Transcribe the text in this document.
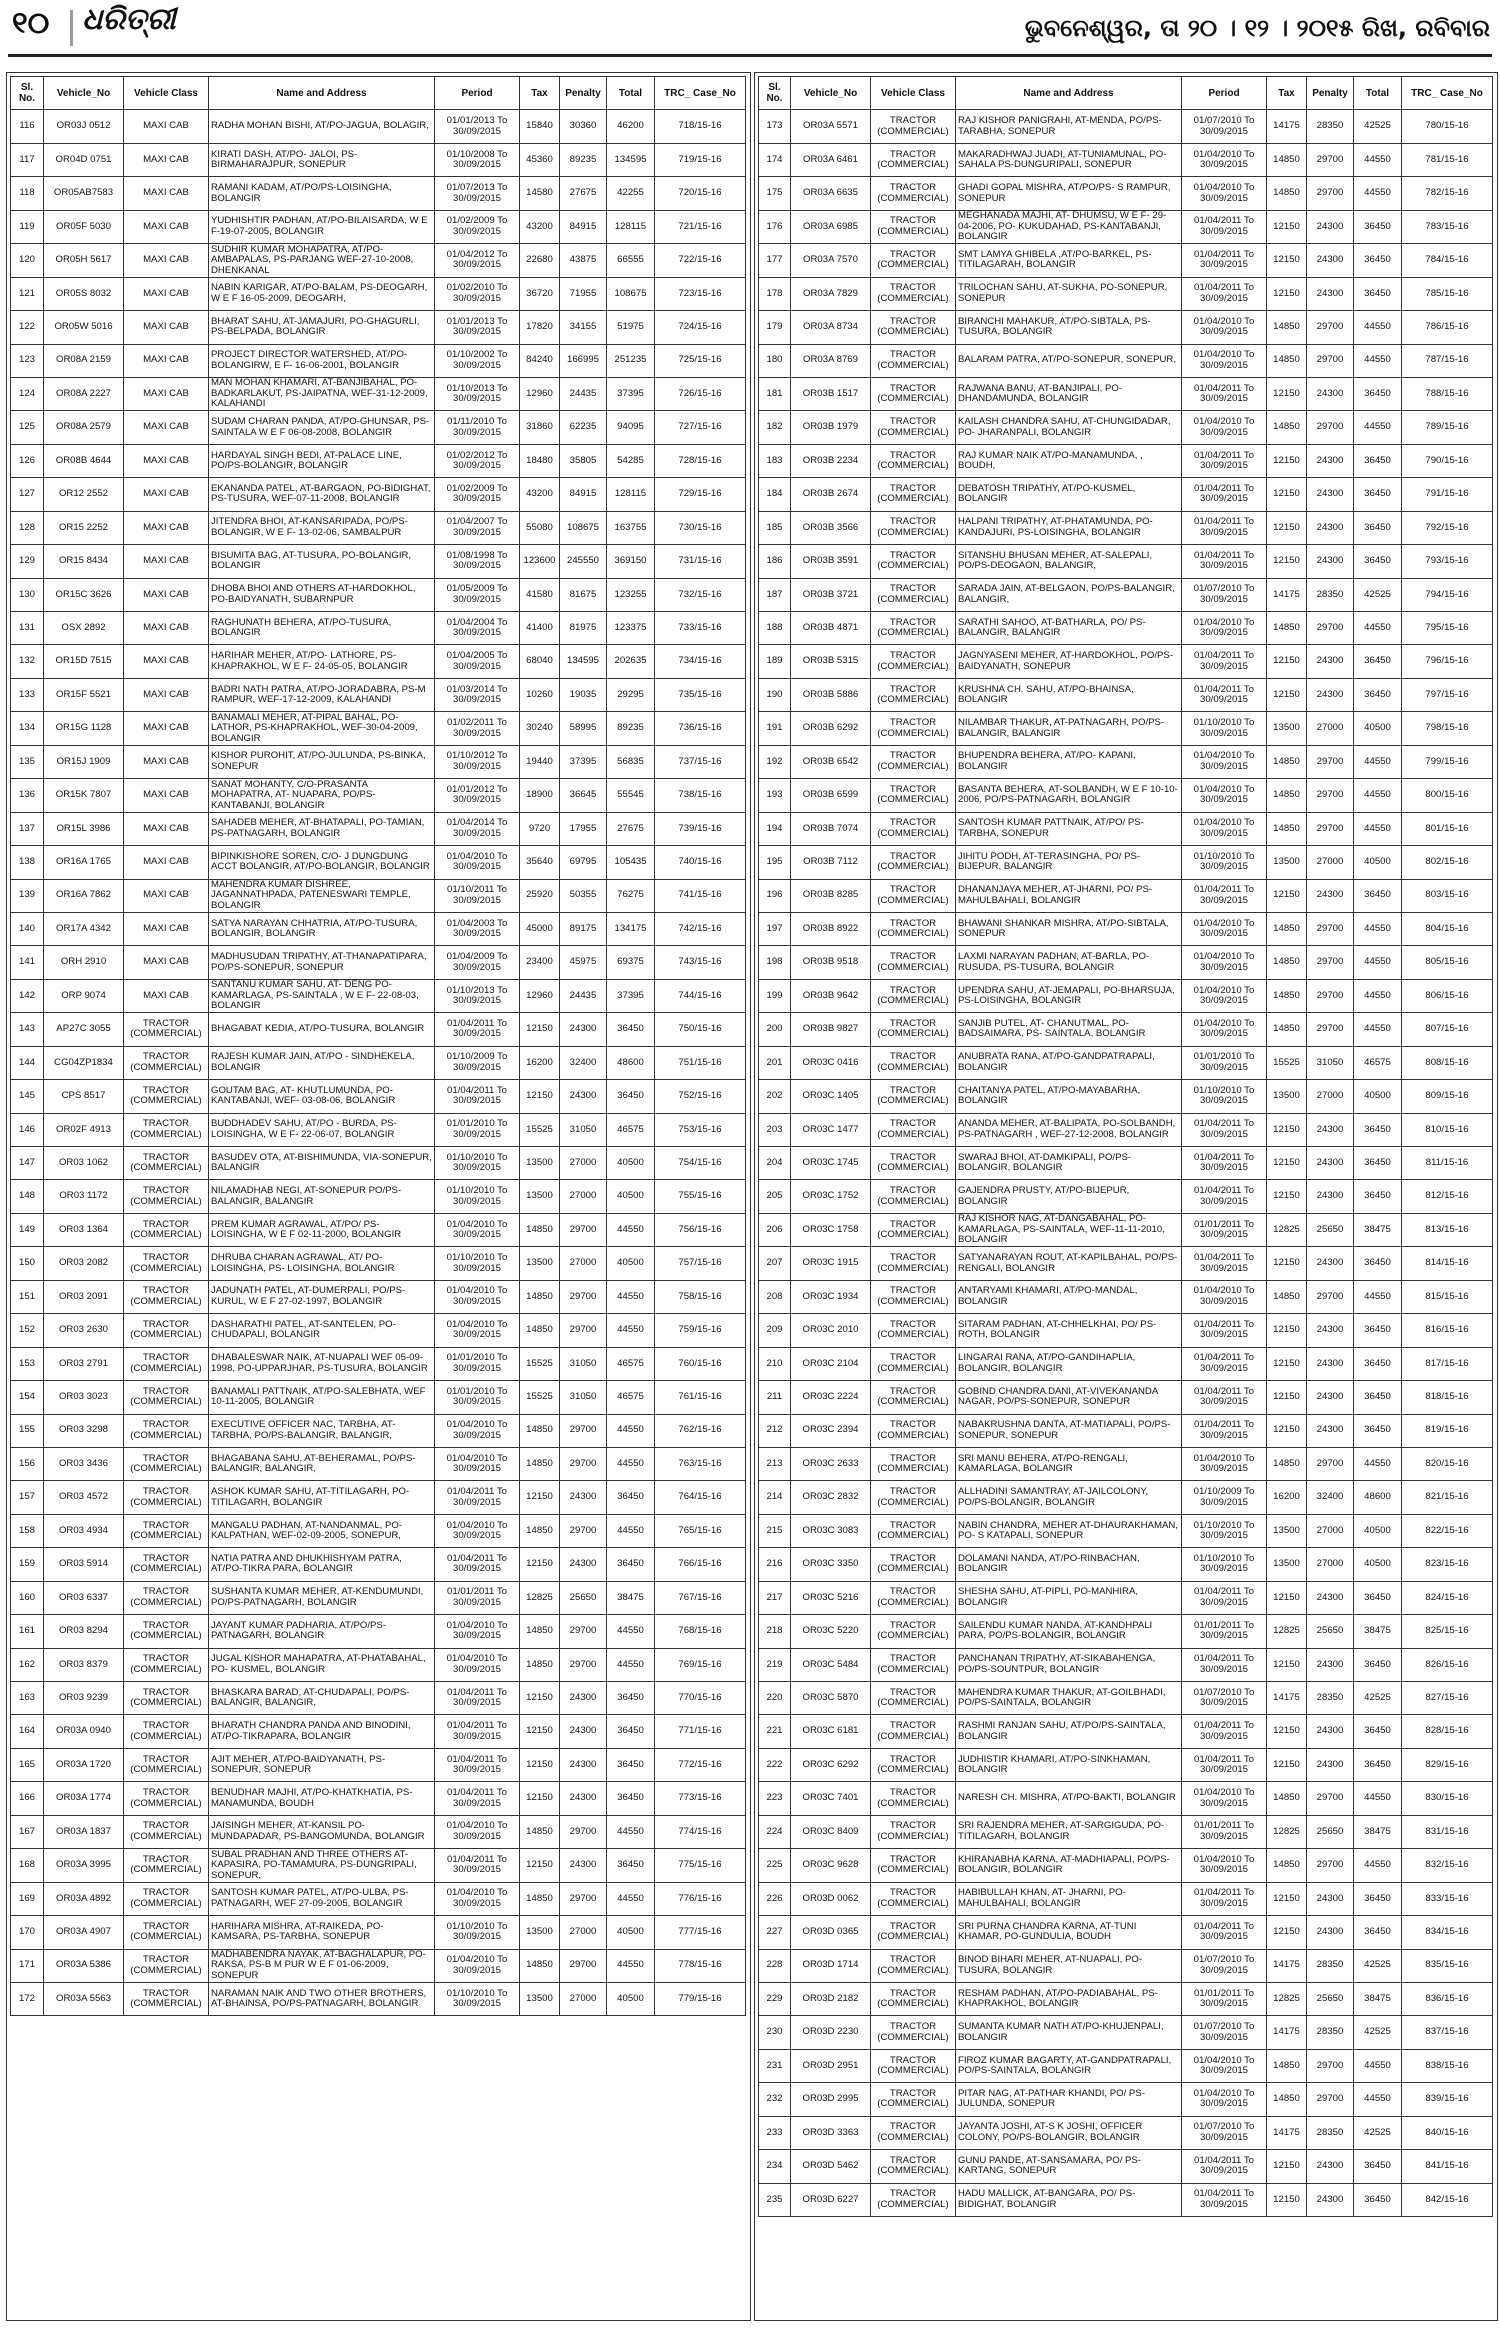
୧୦ ଧରିତ୍ରୀ	ଭୁବନେଶ୍ୱର, ତା ୨୦ । ୧୨ । ୨୦୧୫ ରିଖ, ରବିବାର
Sl. No.	Vehicle_No	Vehicle Class	Name and Address	Period	Tax	Penalty	Total	TRC_ Case_No
116	OR03J 0512	MAXI CAB	RADHA MOHAN BISHI, AT/PO-JAGUA, BOLAGIR,	01/01/2013 To 30/09/2015	15840	30360	46200	718/15-16
117	OR04D 0751	MAXI CAB	KIRATI DASH, AT/PO- JALOI, PS-BIRMAHARAJPUR, SONEPUR	01/10/2008 To 30/09/2015	45360	89235	134595	719/15-16
118	OR05AB7583	MAXI CAB	RAMANI KADAM, AT/PO/PS-LOISINGHA, BOLANGIR	01/07/2013 To 30/09/2015	14580	27675	42255	720/15-16
119	OR05F 5030	MAXI CAB	YUDHISHTIR PADHAN, AT/PO-BILAISARDA, W E F-19-07-2005, BOLANGIR	01/02/2009 To 30/09/2015	43200	84915	128115	721/15-16
120	OR05H 5617	MAXI CAB	SUDHIR KUMAR MOHAPATRA, AT/PO-AMBAPALAS, PS-PARJANG WEF-27-10-2008, DHENKANAL	01/04/2012 To 30/09/2015	22680	43875	66555	722/15-16
121	OR05S 8032	MAXI CAB	NABIN KARIGAR, AT/PO-BALAM, PS-DEOGARH, W E F 16-05-2009, DEOGARH,	01/02/2010 To 30/09/2015	36720	71955	108675	723/15-16
122	OR05W 5016	MAXI CAB	BHARAT SAHU, AT-JAMAJURI, PO-GHAGURLI, PS-BELPADA, BOLANGIR	01/01/2013 To 30/09/2015	17820	34155	51975	724/15-16
123	OR08A 2159	MAXI CAB	PROJECT DIRECTOR WATERSHED, AT/PO- BOLANGIRW, E F- 16-06-2001, BOLANGIR	01/10/2002 To 30/09/2015	84240	166995	251235	725/15-16
124	OR08A 2227	MAXI CAB	MAN MOHAN KHAMARI, AT-BANJIBAHAL, PO-BADKARLAKUT, PS-JAIPATNA, WEF-31-12-2009, KALAHANDI	01/10/2013 To 30/09/2015	12960	24435	37395	726/15-16
125	OR08A 2579	MAXI CAB	SUDAM CHARAN PANDA, AT/PO-GHUNSAR, PS-SAINTALA W E F 06-08-2008, BOLANGIR	01/11/2010 To 30/09/2015	31860	62235	94095	727/15-16
126	OR08B 4644	MAXI CAB	HARDAYAL SINGH BEDI, AT-PALACE LINE, PO/PS-BOLANGIR, BOLANGIR	01/02/2012 To 30/09/2015	18480	35805	54285	728/15-16
127	OR12 2552	MAXI CAB	EKANANDA PATEL, AT-BARGAON, PO-BIDIGHAT, PS-TUSURA, WEF-07-11-2008, BOLANGIR	01/02/2009 To 30/09/2015	43200	84915	128115	729/15-16
128	OR15 2252	MAXI CAB	JITENDRA BHOI, AT-KANSARIPADA, PO/PS- BOLANGIR, W E F- 13-02-06, SAMBALPUR	01/04/2007 To 30/09/2015	55080	108675	163755	730/15-16
129	OR15 8434	MAXI CAB	BISUMITA BAG, AT-TUSURA, PO-BOLANGIR, BOLANGIR	01/08/1998 To 30/09/2015	123600	245550	369150	731/15-16
130	OR15C 3626	MAXI CAB	DHOBA BHOI AND OTHERS AT-HARDOKHOL, PO-BAIDYANATH, SUBARNPUR	01/05/2009 To 30/09/2015	41580	81675	123255	732/15-16
131	OSX 2892	MAXI CAB	RAGHUNATH BEHERA, AT/PO-TUSURA, BOLANGIR	01/04/2004 To 30/09/2015	41400	81975	123375	733/15-16
132	OR15D 7515	MAXI CAB	HARIHAR MEHER, AT/PO- LATHORE, PS- KHAPRAKHOL, W E F- 24-05-05, BOLANGIR	01/04/2005 To 30/09/2015	68040	134595	202635	734/15-16
133	OR15F 5521	MAXI CAB	BADRI NATH PATRA, AT/PO-JORADABRA, PS-M RAMPUR, WEF-17-12-2009, KALAHANDI	01/03/2014 To 30/09/2015	10260	19035	29295	735/15-16
134	OR15G 1128	MAXI CAB	BANAMALI MEHER, AT-PIPAL BAHAL, PO-LATHOR, PS-KHAPRAKHOL, WEF-30-04-2009, BOLANGIR	01/02/2011 To 30/09/2015	30240	58995	89235	736/15-16
135	OR15J 1909	MAXI CAB	KISHOR PUROHIT, AT/PO-JULUNDA, PS-BINKA, SONEPUR	01/10/2012 To 30/09/2015	19440	37395	56835	737/15-16
136	OR15K 7807	MAXI CAB	SANAT MOHANTY, C/O-PRASANTA MOHAPATRA, AT- NUAPARA, PO/PS-KANTABANJI, BOLANGIR	01/01/2012 To 30/09/2015	18900	36645	55545	738/15-16
137	OR15L 3986	MAXI CAB	SAHADEB MEHER, AT-BHATAPALI, PO-TAMIAN, PS-PATNAGARH, BOLANGIR	01/04/2014 To 30/09/2015	9720	17955	27675	739/15-16
138	OR16A 1765	MAXI CAB	BIPINKISHORE SOREN, C/O- J DUNGDUNG ACCT BOLANGIR, AT/PO-BOLANGIR, BOLANGIR	01/04/2010 To 30/09/2015	35640	69795	105435	740/15-16
139	OR16A 7862	MAXI CAB	MAHENDRA KUMAR DISHREE, JAGANNATHPADA, PATENESWARI TEMPLE, BOLANGIR	01/10/2011 To 30/09/2015	25920	50355	76275	741/15-16
140	OR17A 4342	MAXI CAB	SATYA NARAYAN CHHATRIA, AT/PO-TUSURA, BOLANGIR, BOLANGIR	01/04/2003 To 30/09/2015	45000	89175	134175	742/15-16
141	ORH 2910	MAXI CAB	MADHUSUDAN TRIPATHY, AT-THANAPATIPARA, PO/PS-SONEPUR, SONEPUR	01/04/2009 To 30/09/2015	23400	45975	69375	743/15-16
142	ORP 9074	MAXI CAB	SANTANU KUMAR SAHU, AT- DENG PO- KAMARLAGA, PS-SAINTALA , W E F- 22-08-03, BOLANGIR	01/10/2013 To 30/09/2015	12960	24435	37395	744/15-16
143	AP27C 3055	TRACTOR (COMMERCIAL)	BHAGABAT KEDIA, AT/PO-TUSURA, BOLANGIR	01/04/2011 To 30/09/2015	12150	24300	36450	750/15-16
144	CG04ZP1834	TRACTOR (COMMERCIAL)	RAJESH KUMAR JAIN, AT/PO - SINDHEKELA, BOLANGIR	01/10/2009 To 30/09/2015	16200	32400	48600	751/15-16
145	CPS 8517	TRACTOR (COMMERCIAL)	GOUTAM BAG, AT- KHUTLUMUNDA, PO- KANTABANJI, WEF- 03-08-06, BOLANGIR	01/04/2011 To 30/09/2015	12150	24300	36450	752/15-16
146	OR02F 4913	TRACTOR (COMMERCIAL)	BUDDHADEV SAHU, AT/PO - BURDA, PS- LOISINGHA, W E F- 22-06-07, BOLANGIR	01/01/2010 To 30/09/2015	15525	31050	46575	753/15-16
147	OR03 1062	TRACTOR (COMMERCIAL)	BASUDEV OTA, AT-BISHIMUNDA, VIA-SONEPUR, BALANGIR	01/10/2010 To 30/09/2015	13500	27000	40500	754/15-16
148	OR03 1172	TRACTOR (COMMERCIAL)	NILAMADHAB NEGI, AT-SONEPUR PO/PS-BALANGIR, BALANGIR	01/10/2010 To 30/09/2015	13500	27000	40500	755/15-16
149	OR03 1364	TRACTOR (COMMERCIAL)	PREM KUMAR AGRAWAL, AT/PO/ PS-LOISINGHA, W E F 02-11-2000, BOLANGIR	01/04/2010 To 30/09/2015	14850	29700	44550	756/15-16
150	OR03 2082	TRACTOR (COMMERCIAL)	DHRUBA CHARAN AGRAWAL, AT/ PO-LOISINGHA, PS- LOISINGHA, BOLANGIR	01/10/2010 To 30/09/2015	13500	27000	40500	757/15-16
151	OR03 2091	TRACTOR (COMMERCIAL)	JADUNATH PATEL, AT-DUMERPALI, PO/PS-KURUL, W E F 27-02-1997, BOLANGIR	01/04/2010 To 30/09/2015	14850	29700	44550	758/15-16
152	OR03 2630	TRACTOR (COMMERCIAL)	DASHARATHI PATEL, AT-SANTELEN, PO-CHUDAPALI, BOLANGIR	01/04/2010 To 30/09/2015	14850	29700	44550	759/15-16
153	OR03 2791	TRACTOR (COMMERCIAL)	DHABALESWAR NAIK, AT-NUAPALI WEF 05-09-1998, PO-UPPARJHAR, PS-TUSURA, BOLANGIR	01/01/2010 To 30/09/2015	15525	31050	46575	760/15-16
154	OR03 3023	TRACTOR (COMMERCIAL)	BANAMALI PATTNAIK, AT/PO-SALEBHATA, WEF 10-11-2005, BOLANGIR	01/01/2010 To 30/09/2015	15525	31050	46575	761/15-16
155	OR03 3298	TRACTOR (COMMERCIAL)	EXECUTIVE OFFICER NAC, TARBHA, AT-TARBHA, PO/PS-BALANGIR, BALANGIR,	01/04/2010 To 30/09/2015	14850	29700	44550	762/15-16
156	OR03 3436	TRACTOR (COMMERCIAL)	BHAGABANA SAHU, AT-BEHERAMAL, PO/PS-BALANGIR, BALANGIR,	01/04/2010 To 30/09/2015	14850	29700	44550	763/15-16
157	OR03 4572	TRACTOR (COMMERCIAL)	ASHOK KUMAR SAHU, AT-TITILAGARH, PO-TITILAGARH, BOLANGIR	01/04/2011 To 30/09/2015	12150	24300	36450	764/15-16
158	OR03 4934	TRACTOR (COMMERCIAL)	MANGALU PADHAN, AT-NANDANMAL, PO-KALPATHAN, WEF-02-09-2005, SONEPUR,	01/04/2010 To 30/09/2015	14850	29700	44550	765/15-16
159	OR03 5914	TRACTOR (COMMERCIAL)	NATIA PATRA AND DHUKHISHYAM PATRA, AT/PO-TIKRA PARA, BOLANGIR	01/04/2011 To 30/09/2015	12150	24300	36450	766/15-16
160	OR03 6337	TRACTOR (COMMERCIAL)	SUSHANTA KUMAR MEHER, AT-KENDUMUNDI, PO/PS-PATNAGARH, BOLANGIR	01/01/2011 To 30/09/2015	12825	25650	38475	767/15-16
161	OR03 8294	TRACTOR (COMMERCIAL)	JAYANT KUMAR PADHARIA, AT/PO/PS-PATNAGARH, BOLANGIR	01/04/2010 To 30/09/2015	14850	29700	44550	768/15-16
162	OR03 8379	TRACTOR (COMMERCIAL)	JUGAL KISHOR MAHAPATRA, AT-PHATABAHAL, PO- KUSMEL, BOLANGIR	01/04/2010 To 30/09/2015	14850	29700	44550	769/15-16
163	OR03 9239	TRACTOR (COMMERCIAL)	BHASKARA BARAD, AT-CHUDAPALI, PO/PS-BALANGIR, BALANGIR,	01/04/2011 To 30/09/2015	12150	24300	36450	770/15-16
164	OR03A 0940	TRACTOR (COMMERCIAL)	BHARATH CHANDRA PANDA AND BINODINI, AT/PO-TIKRAPARA, BOLANGIR	01/04/2011 To 30/09/2015	12150	24300	36450	771/15-16
165	OR03A 1720	TRACTOR (COMMERCIAL)	AJIT MEHER, AT/PO-BAIDYANATH, PS-SONEPUR, SONEPUR	01/04/2011 To 30/09/2015	12150	24300	36450	772/15-16
166	OR03A 1774	TRACTOR (COMMERCIAL)	BENUDHAR MAJHI, AT/PO-KHATKHATIA, PS-MANAMUNDA, BOUDH	01/04/2011 To 30/09/2015	12150	24300	36450	773/15-16
167	OR03A 1837	TRACTOR (COMMERCIAL)	JAISINGH MEHER, AT-KANSIL PO-MUNDAPADAR, PS-BANGOMUNDA, BOLANGIR	01/04/2010 To 30/09/2015	14850	29700	44550	774/15-16
168	OR03A 3995	TRACTOR (COMMERCIAL)	SUBAL PRADHAN AND THREE OTHERS AT-KAPASIRA, PO-TAMAMURA, PS-DUNGRIPALI, SONEPUR,	01/04/2011 To 30/09/2015	12150	24300	36450	775/15-16
169	OR03A 4892	TRACTOR (COMMERCIAL)	SANTOSH KUMAR PATEL, AT/PO-ULBA, PS- PATNAGARH, WEF 27-09-2005, BOLANGIR	01/04/2010 To 30/09/2015	14850	29700	44550	776/15-16
170	OR03A 4907	TRACTOR (COMMERCIAL)	HARIHARA MISHRA, AT-RAIKEDA, PO-KAMSARA, PS-TARBHA, SONEPUR	01/10/2010 To 30/09/2015	13500	27000	40500	777/15-16
171	OR03A 5386	TRACTOR (COMMERCIAL)	MADHABENDRA NAYAK, AT-BAGHALAPUR, PO-RAKSA, PS-B M PUR W E F 01-06-2009, SONEPUR	01/04/2010 To 30/09/2015	14850	29700	44550	778/15-16
172	OR03A 5563	TRACTOR (COMMERCIAL)	NARAMAN NAIK AND TWO OTHER BROTHERS, AT-BHAINSA, PO/PS-PATNAGARH, BOLANGIR	01/10/2010 To 30/09/2015	13500	27000	40500	779/15-16
Sl. No.	Vehicle_No	Vehicle Class	Name and Address	Period	Tax	Penalty	Total	TRC_ Case_No
173	OR03A 5571	TRACTOR (COMMERCIAL)	RAJ KISHOR PANIGRAHI, AT-MENDA, PO/PS-TARABHA, SONEPUR	01/07/2010 To 30/09/2015	14175	28350	42525	780/15-16
174	OR03A 6461	TRACTOR (COMMERCIAL)	MAKARADHWAJ JUADI, AT-TUNIAMUNAL, PO-SAHALA PS-DUNGURIPALI, SONEPUR	01/04/2010 To 30/09/2015	14850	29700	44550	781/15-16
175	OR03A 6635	TRACTOR (COMMERCIAL)	GHADI GOPAL MISHRA, AT/PO/PS- S RAMPUR, SONEPUR	01/04/2010 To 30/09/2015	14850	29700	44550	782/15-16
176	OR03A 6985	TRACTOR (COMMERCIAL)	MEGHANADA MAJHI, AT- DHUMSU, W E F- 29-04-2006, PO- KUKUDAHAD, PS-KANTABANJI, BOLANGIR	01/04/2011 To 30/09/2015	12150	24300	36450	783/15-16
177	OR03A 7570	TRACTOR (COMMERCIAL)	SMT LAMYA GHIBELA ,AT/PO-BARKEL, PS-TITILAGARAH, BOLANGIR	01/04/2011 To 30/09/2015	12150	24300	36450	784/15-16
178	OR03A 7829	TRACTOR (COMMERCIAL)	TRILOCHAN SAHU, AT-SUKHA, PO-SONEPUR, SONEPUR	01/04/2011 To 30/09/2015	12150	24300	36450	785/15-16
179	OR03A 8734	TRACTOR (COMMERCIAL)	BIRANCHI MAHAKUR, AT/PO-SIBTALA, PS-TUSURA, BOLANGIR	01/04/2010 To 30/09/2015	14850	29700	44550	786/15-16
180	OR03A 8769	TRACTOR (COMMERCIAL)	BALARAM PATRA, AT/PO-SONEPUR, SONEPUR,	01/04/2010 To 30/09/2015	14850	29700	44550	787/15-16
181	OR03B 1517	TRACTOR (COMMERCIAL)	RAJWANA BANU, AT-BANJIPALI, PO-DHANDAMUNDA, BOLANGIR	01/04/2011 To 30/09/2015	12150	24300	36450	788/15-16
182	OR03B 1979	TRACTOR (COMMERCIAL)	KAILASH CHANDRA SAHU, AT-CHUNGIDADAR, PO- JHARANPALI, BOLANGIR	01/04/2010 To 30/09/2015	14850	29700	44550	789/15-16
183	OR03B 2234	TRACTOR (COMMERCIAL)	RAJ KUMAR NAIK AT/PO-MANAMUNDA, , BOUDH,	01/04/2011 To 30/09/2015	12150	24300	36450	790/15-16
184	OR03B 2674	TRACTOR (COMMERCIAL)	DEBATOSH TRIPATHY, AT/PO-KUSMEL, BOLANGIR	01/04/2011 To 30/09/2015	12150	24300	36450	791/15-16
185	OR03B 3566	TRACTOR (COMMERCIAL)	HALPANI TRIPATHY, AT-PHATAMUNDA, PO-KANDAJURI, PS-LOISINGHA, BOLANGIR	01/04/2011 To 30/09/2015	12150	24300	36450	792/15-16
186	OR03B 3591	TRACTOR (COMMERCIAL)	SITANSHU BHUSAN MEHER, AT-SALEPALI, PO/PS-DEOGAON, BALANGIR,	01/04/2011 To 30/09/2015	12150	24300	36450	793/15-16
187	OR03B 3721	TRACTOR (COMMERCIAL)	SARADA JAIN, AT-BELGAON, PO/PS-BALANGIR, BALANGIR,	01/07/2010 To 30/09/2015	14175	28350	42525	794/15-16
188	OR03B 4871	TRACTOR (COMMERCIAL)	SARATHI SAHOO, AT-BATHARLA, PO/ PS-BALANGIR, BALANGIR	01/04/2010 To 30/09/2015	14850	29700	44550	795/15-16
189	OR03B 5315	TRACTOR (COMMERCIAL)	JAGNYASENI MEHER, AT-HARDOKHOL, PO/PS-BAIDYANATH, SONEPUR	01/04/2011 To 30/09/2015	12150	24300	36450	796/15-16
190	OR03B 5886	TRACTOR (COMMERCIAL)	KRUSHNA CH. SAHU, AT/PO-BHAINSA, BOLANGIR	01/04/2011 To 30/09/2015	12150	24300	36450	797/15-16
191	OR03B 6292	TRACTOR (COMMERCIAL)	NILAMBAR THAKUR, AT-PATNAGARH, PO/PS-BALANGIR, BALANGIR	01/10/2010 To 30/09/2015	13500	27000	40500	798/15-16
192	OR03B 6542	TRACTOR (COMMERCIAL)	BHUPENDRA BEHERA, AT/PO- KAPANI, BOLANGIR	01/04/2010 To 30/09/2015	14850	29700	44550	799/15-16
193	OR03B 6599	TRACTOR (COMMERCIAL)	BASANTA BEHERA, AT-SOLBANDH, W E F 10-10-2006, PO/PS-PATNAGARH, BOLANGIR	01/04/2010 To 30/09/2015	14850	29700	44550	800/15-16
194	OR03B 7074	TRACTOR (COMMERCIAL)	SANTOSH KUMAR PATTNAIK, AT/PO/ PS-TARBHA, SONEPUR	01/04/2010 To 30/09/2015	14850	29700	44550	801/15-16
195	OR03B 7112	TRACTOR (COMMERCIAL)	JIHITU PODH, AT-TERASINGHA, PO/ PS-BIJEPUR, BALANGIR	01/10/2010 To 30/09/2015	13500	27000	40500	802/15-16
196	OR03B 8285	TRACTOR (COMMERCIAL)	DHANANJAYA MEHER, AT-JHARNI, PO/ PS-MAHULBAHALI, BOLANGIR	01/04/2011 To 30/09/2015	12150	24300	36450	803/15-16
197	OR03B 8922	TRACTOR (COMMERCIAL)	BHAWANI SHANKAR MISHRA, AT/PO-SIBTALA, SONEPUR	01/04/2010 To 30/09/2015	14850	29700	44550	804/15-16
198	OR03B 9518	TRACTOR (COMMERCIAL)	LAXMI NARAYAN PADHAN, AT-BARLA, PO-RUSUDA, PS-TUSURA, BOLANGIR	01/04/2010 To 30/09/2015	14850	29700	44550	805/15-16
199	OR03B 9642	TRACTOR (COMMERCIAL)	UPENDRA SAHU, AT-JEMAPALI, PO-BHARSUJA, PS-LOISINGHA, BOLANGIR	01/04/2010 To 30/09/2015	14850	29700	44550	806/15-16
200	OR03B 9827	TRACTOR (COMMERCIAL)	SANJIB PUTEL, AT- CHANUTMAL, PO-BADSAIMARA, PS- SAINTALA, BOLANGIR	01/04/2010 To 30/09/2015	14850	29700	44550	807/15-16
201	OR03C 0416	TRACTOR (COMMERCIAL)	ANUBRATA RANA, AT/PO-GANDPATRAPALI, BOLANGIR	01/01/2010 To 30/09/2015	15525	31050	46575	808/15-16
202	OR03C 1405	TRACTOR (COMMERCIAL)	CHAITANYA PATEL, AT/PO-MAYABARHA, BOLANGIR	01/10/2010 To 30/09/2015	13500	27000	40500	809/15-16
203	OR03C 1477	TRACTOR (COMMERCIAL)	ANANDA MEHER, AT-BALIPATA, PO-SOLBANDH, PS-PATNAGARH , WEF-27-12-2008, BOLANGIR	01/04/2011 To 30/09/2015	12150	24300	36450	810/15-16
204	OR03C 1745	TRACTOR (COMMERCIAL)	SWARAJ BHOI, AT-DAMKIPALI, PO/PS-BOLANGIR, BOLANGIR	01/04/2011 To 30/09/2015	12150	24300	36450	811/15-16
205	OR03C 1752	TRACTOR (COMMERCIAL)	GAJENDRA PRUSTY, AT/PO-BIJEPUR, BOLANGIR	01/04/2011 To 30/09/2015	12150	24300	36450	812/15-16
206	OR03C 1758	TRACTOR (COMMERCIAL)	RAJ KISHOR NAG, AT-DANGABAHAL, PO-KAMARLAGA, PS-SAINTALA, WEF-11-11-2010, BOLANGIR	01/01/2011 To 30/09/2015	12825	25650	38475	813/15-16
207	OR03C 1915	TRACTOR (COMMERCIAL)	SATYANARAYAN ROUT, AT-KAPILBAHAL, PO/PS-RENGALI, BOLANGIR	01/04/2011 To 30/09/2015	12150	24300	36450	814/15-16
208	OR03C 1934	TRACTOR (COMMERCIAL)	ANTARYAMI KHAMARI, AT/PO-MANDAL, BOLANGIR	01/04/2010 To 30/09/2015	14850	29700	44550	815/15-16
209	OR03C 2010	TRACTOR (COMMERCIAL)	SITARAM PADHAN, AT-CHHELKHAI, PO/ PS-ROTH, BOLANGIR	01/04/2011 To 30/09/2015	12150	24300	36450	816/15-16
210	OR03C 2104	TRACTOR (COMMERCIAL)	LINGARAI RANA, AT/PO-GANDIHAPLIA, BOLANGIR, BOLANGIR	01/04/2011 To 30/09/2015	12150	24300	36450	817/15-16
211	OR03C 2224	TRACTOR (COMMERCIAL)	GOBIND CHANDRA DANI, AT-VIVEKANANDA NAGAR, PO/PS-SONEPUR, SONEPUR	01/04/2011 To 30/09/2015	12150	24300	36450	818/15-16
212	OR03C 2394	TRACTOR (COMMERCIAL)	NABAKRUSHNA DANTA, AT-MATIAPALI, PO/PS-SONEPUR, SONEPUR	01/04/2011 To 30/09/2015	12150	24300	36450	819/15-16
213	OR03C 2633	TRACTOR (COMMERCIAL)	SRI MANU BEHERA, AT/PO-RENGALI, KAMARLAGA, BOLANGIR	01/04/2010 To 30/09/2015	14850	29700	44550	820/15-16
214	OR03C 2832	TRACTOR (COMMERCIAL)	ALLHADINI SAMANTRAY, AT-JAILCOLONY, PO/PS-BOLANGIR, BOLANGIR	01/10/2009 To 30/09/2015	16200	32400	48600	821/15-16
215	OR03C 3083	TRACTOR (COMMERCIAL)	NABIN CHANDRA, MEHER AT-DHAURAKHAMAN, PO- S KATAPALI, SONEPUR	01/10/2010 To 30/09/2015	13500	27000	40500	822/15-16
216	OR03C 3350	TRACTOR (COMMERCIAL)	DOLAMANI NANDA, AT/PO-RINBACHAN, BOLANGIR	01/10/2010 To 30/09/2015	13500	27000	40500	823/15-16
217	OR03C 5216	TRACTOR (COMMERCIAL)	SHESHA SAHU, AT-PIPLI, PO-MANHIRA, BOLANGIR	01/04/2011 To 30/09/2015	12150	24300	36450	824/15-16
218	OR03C 5220	TRACTOR (COMMERCIAL)	SAILENDU KUMAR NANDA, AT-KANDHPALI PARA, PO/PS-BOLANGIR, BOLANGIR	01/01/2011 To 30/09/2015	12825	25650	38475	825/15-16
219	OR03C 5484	TRACTOR (COMMERCIAL)	PANCHANAN TRIPATHY, AT-SIKABAHENGA, PO/PS-SOUNTPUR, BOLANGIR	01/04/2011 To 30/09/2015	12150	24300	36450	826/15-16
220	OR03C 5870	TRACTOR (COMMERCIAL)	MAHENDRA KUMAR THAKUR, AT-GOILBHADI, PO/PS-SAINTALA, BOLANGIR	01/07/2010 To 30/09/2015	14175	28350	42525	827/15-16
221	OR03C 6181	TRACTOR (COMMERCIAL)	RASHMI RANJAN SAHU, AT/PO/PS-SAINTALA, BOLANGIR	01/04/2011 To 30/09/2015	12150	24300	36450	828/15-16
222	OR03C 6292	TRACTOR (COMMERCIAL)	JUDHISTIR KHAMARI, AT/PO-SINKHAMAN, BOLANGIR	01/04/2011 To 30/09/2015	12150	24300	36450	829/15-16
223	OR03C 7401	TRACTOR (COMMERCIAL)	NARESH CH. MISHRA, AT/PO-BAKTI, BOLANGIR	01/04/2010 To 30/09/2015	14850	29700	44550	830/15-16
224	OR03C 8409	TRACTOR (COMMERCIAL)	SRI RAJENDRA MEHER, AT-SARGIGUDA, PO- TITILAGARH, BOLANGIR	01/01/2011 To 30/09/2015	12825	25650	38475	831/15-16
225	OR03C 9628	TRACTOR (COMMERCIAL)	KHIRANABHA KARNA, AT-MADHIAPALI, PO/PS-BOLANGIR, BOLANGIR	01/04/2010 To 30/09/2015	14850	29700	44550	832/15-16
226	OR03D 0062	TRACTOR (COMMERCIAL)	HABIBULLAH KHAN, AT- JHARNI, PO-MAHULBAHALI, BOLANGIR	01/04/2011 To 30/09/2015	12150	24300	36450	833/15-16
227	OR03D 0365	TRACTOR (COMMERCIAL)	SRI PURNA CHANDRA KARNA, AT-TUNI KHAMAR, PO-GUNDULIA, BOUDH	01/04/2011 To 30/09/2015	12150	24300	36450	834/15-16
228	OR03D 1714	TRACTOR (COMMERCIAL)	BINOD BIHARI MEHER, AT-NUAPALI, PO-TUSURA, BOLANGIR	01/07/2010 To 30/09/2015	14175	28350	42525	835/15-16
229	OR03D 2182	TRACTOR (COMMERCIAL)	RESHAM PADHAN, AT/PO-PADIABAHAL, PS-KHAPRAKHOL, BOLANGIR	01/01/2011 To 30/09/2015	12825	25650	38475	836/15-16
230	OR03D 2230	TRACTOR (COMMERCIAL)	SUMANTA KUMAR NATH AT/PO-KHUJENPALI, BOLANGIR	01/07/2010 To 30/09/2015	14175	28350	42525	837/15-16
231	OR03D 2951	TRACTOR (COMMERCIAL)	FIROZ KUMAR BAGARTY, AT-GANDPATRAPALI, PO/PS-SAINTALA, BOLANGIR	01/04/2010 To 30/09/2015	14850	29700	44550	838/15-16
232	OR03D 2995	TRACTOR (COMMERCIAL)	PITAR NAG, AT-PATHAR KHANDI, PO/ PS-JULUNDA, SONEPUR	01/04/2010 To 30/09/2015	14850	29700	44550	839/15-16
233	OR03D 3363	TRACTOR (COMMERCIAL)	JAYANTA JOSHI, AT-S K JOSHI, OFFICER COLONY, PO/PS-BOLANGIR, BOLANGIR	01/07/2010 To 30/09/2015	14175	28350	42525	840/15-16
234	OR03D 5462	TRACTOR (COMMERCIAL)	GUNU PANDE, AT-SANSAMARA, PO/ PS-KARTANG, SONEPUR	01/04/2011 To 30/09/2015	12150	24300	36450	841/15-16
235	OR03D 6227	TRACTOR (COMMERCIAL)	HADU MALLICK, AT-BANGARA, PO/ PS-BIDIGHAT, BOLANGIR	01/04/2011 To 30/09/2015	12150	24300	36450	842/15-16
